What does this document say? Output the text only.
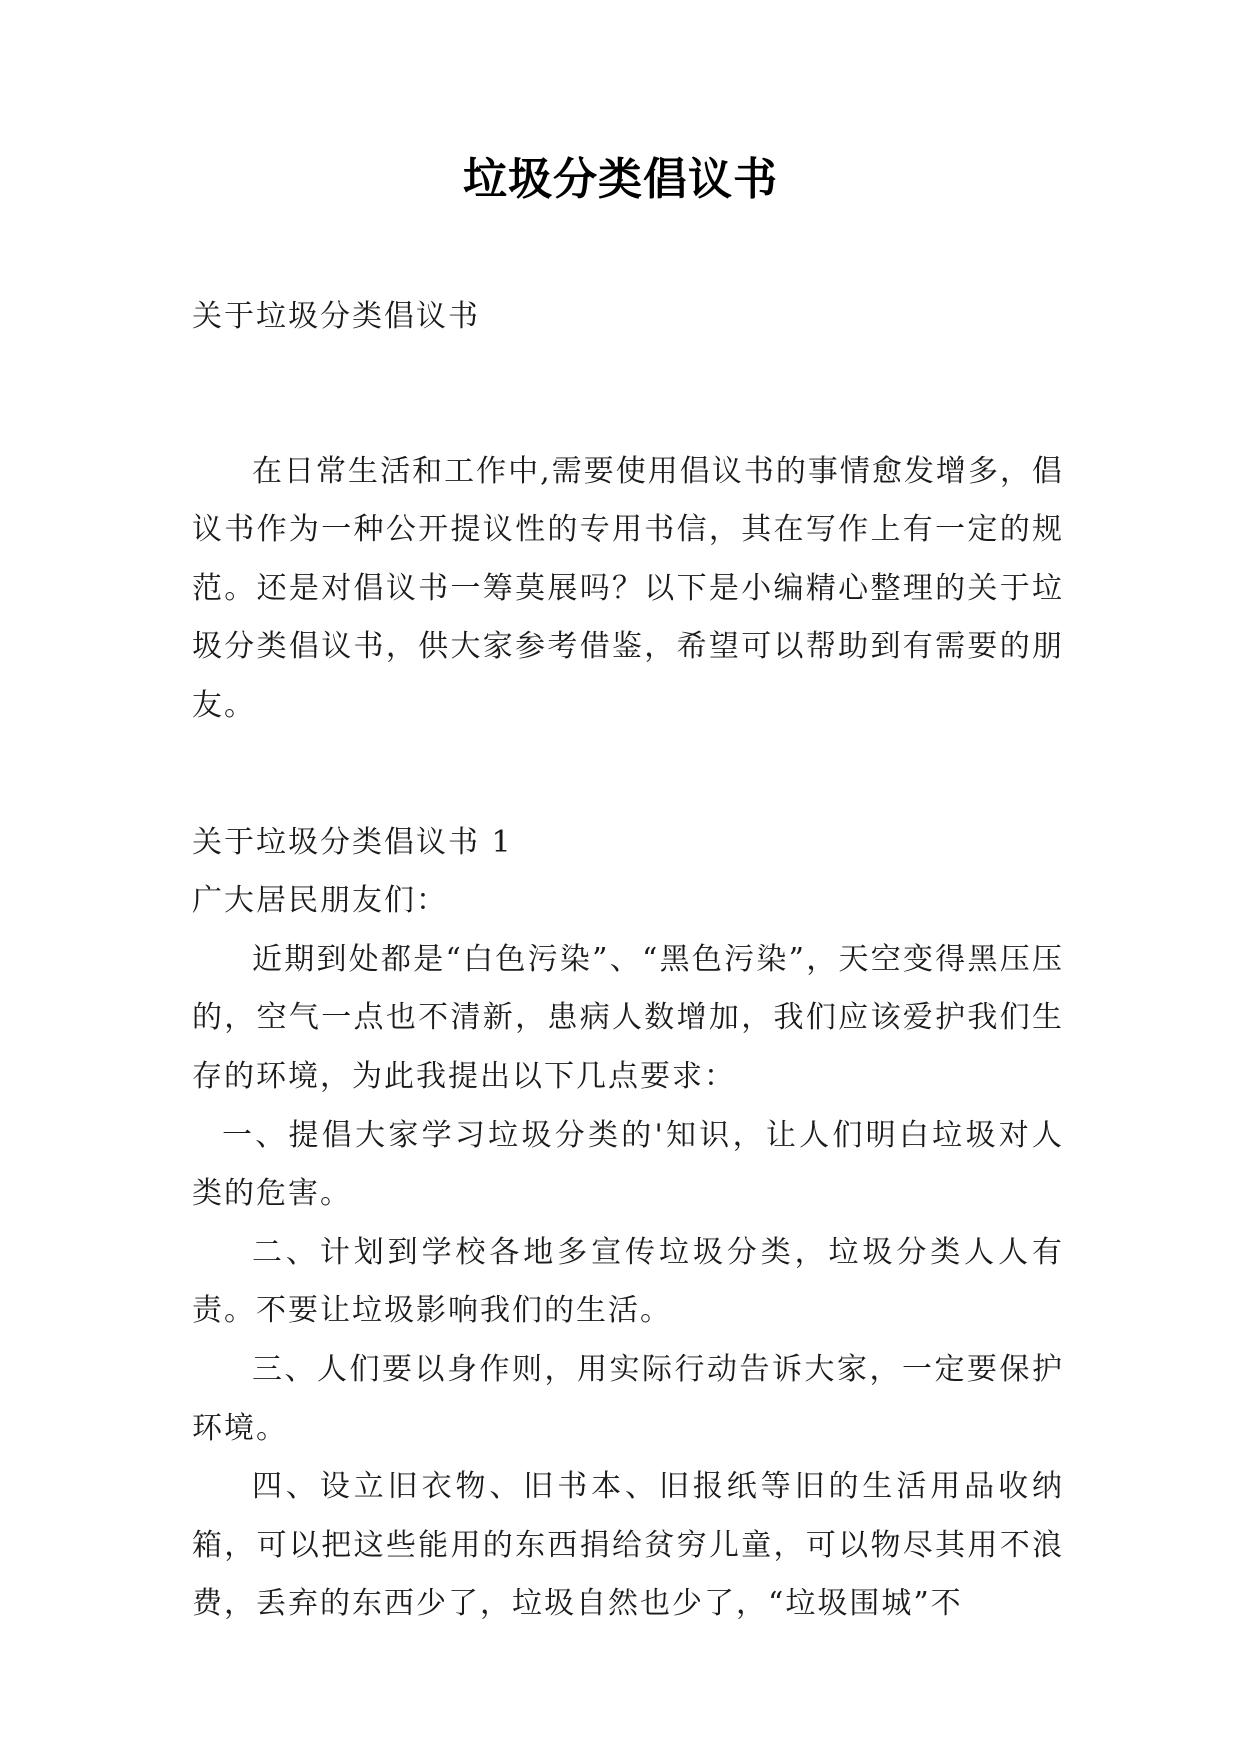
垃圾分类倡议书

关于垃圾分类倡议书

在日常生活和工作中,需要使用倡议书的事情愈发增多，倡议书作为一种公开提议性的专用书信，其在写作上有一定的规范。还是对倡议书一筹莫展吗？以下是小编精心整理的关于垃圾分类倡议书，供大家参考借鉴，希望可以帮助到有需要的朋友。

关于垃圾分类倡议书 1

广大居民朋友们：

近期到处都是“白色污染”、“黑色污染”，天空变得黑压压的，空气一点也不清新，患病人数增加，我们应该爱护我们生存的环境，为此我提出以下几点要求：

一、提倡大家学习垃圾分类的'知识，让人们明白垃圾对人类的危害。

二、计划到学校各地多宣传垃圾分类，垃圾分类人人有责。不要让垃圾影响我们的生活。

三、人们要以身作则，用实际行动告诉大家，一定要保护环境。

四、设立旧衣物、旧书本、旧报纸等旧的生活用品收纳箱，可以把这些能用的东西捐给贫穷儿童，可以物尽其用不浪费，丢弃的东西少了，垃圾自然也少了，“垃圾围城”不
